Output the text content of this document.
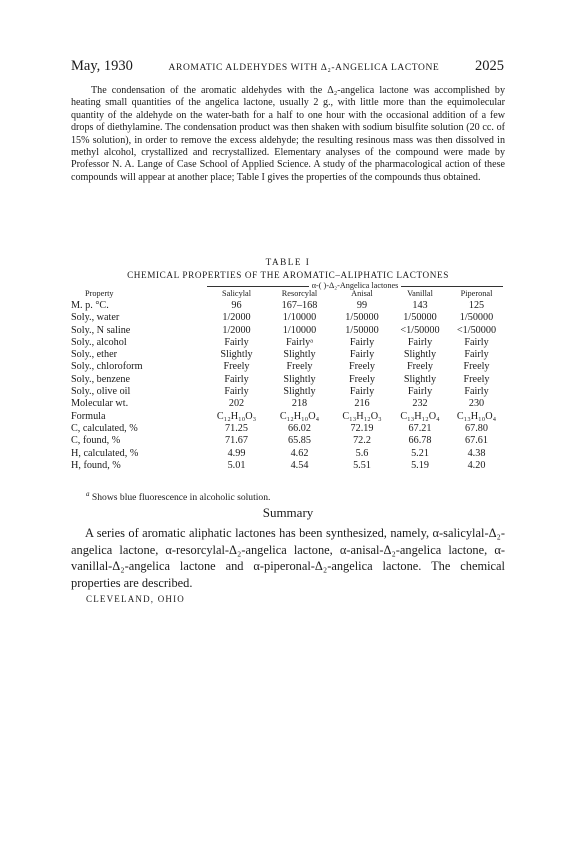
May, 1930	AROMATIC ALDEHYDES WITH Δ₂-ANGELICA LACTONE 2025

The condensation of the aromatic aldehydes with the Δ₂-angelica lactone was accomplished by heating small quantities of the angelica lactone, usually 2 g., with little more than the equimolecular quantity of the aldehyde on the water-bath for a half to one hour with the occasional addition of a few drops of diethylamine. The condensation product was then shaken with sodium bisulfite solution (20 cc. of 15% solution), in order to remove the excess aldehyde; the resulting resinous mass was then dissolved in methyl alcohol, crystallized and recrystallized. Elementary analyses of the compound were made by Professor N. A. Lange of Case School of Applied Science. A study of the pharmacological action of these compounds will appear at another place; Table I gives the properties of the compounds thus obtained.

TABLE I

CHEMICAL PROPERTIES OF THE AROMATIC–ALIPHATIC LACTONES

α-( )-Δ₂-Angelica lactones
Property	Salicylal	Resorcylal	Anisal	Vanillal	Piperonal
M. p. °C.	96	167–168	99	143	125
Soly., water	1/2000	1/10000	1/50000	1/50000	1/50000
Soly., N saline	1/2000	1/10000	1/50000	<1/50000	<1/50000
Soly., alcohol	Fairly	Fairlyᵃ	Fairly	Fairly	Fairly
Soly., ether	Slightly	Slightly	Fairly	Slightly	Fairly
Soly., chloroform	Freely	Freely	Freely	Freely	Freely
Soly., benzene	Fairly	Slightly	Freely	Slightly	Freely
Soly., olive oil	Fairly	Slightly	Fairly	Fairly	Fairly
Molecular wt.	202	218	216	232	230
Formula	C₁₂H₁₀O₃	C₁₂H₁₀O₄	C₁₃H₁₂O₃	C₁₃H₁₂O₄	C₁₃H₁₀O₄
C, calculated, %	71.25	66.02	72.19	67.21	67.80
C, found, %	71.67	65.85	72.2	66.78	67.61
H, calculated, %	4.99	4.62	5.6	5.21	4.38
H, found, %	5.01	4.54	5.51	5.19	4.20

$^a$ Shows blue fluorescence in alcoholic solution.

Summary

A series of aromatic aliphatic lactones has been synthesized, namely, α-salicylal-Δ₂-angelica lactone, α-resorcylal-Δ₂-angelica lactone, α-anisal-Δ₂-angelica lactone, α-vanillal-Δ₂-angelica lactone and α-piperonal-Δ₂-angelica lactone. The chemical properties are described.

CLEVELAND, OHIO
